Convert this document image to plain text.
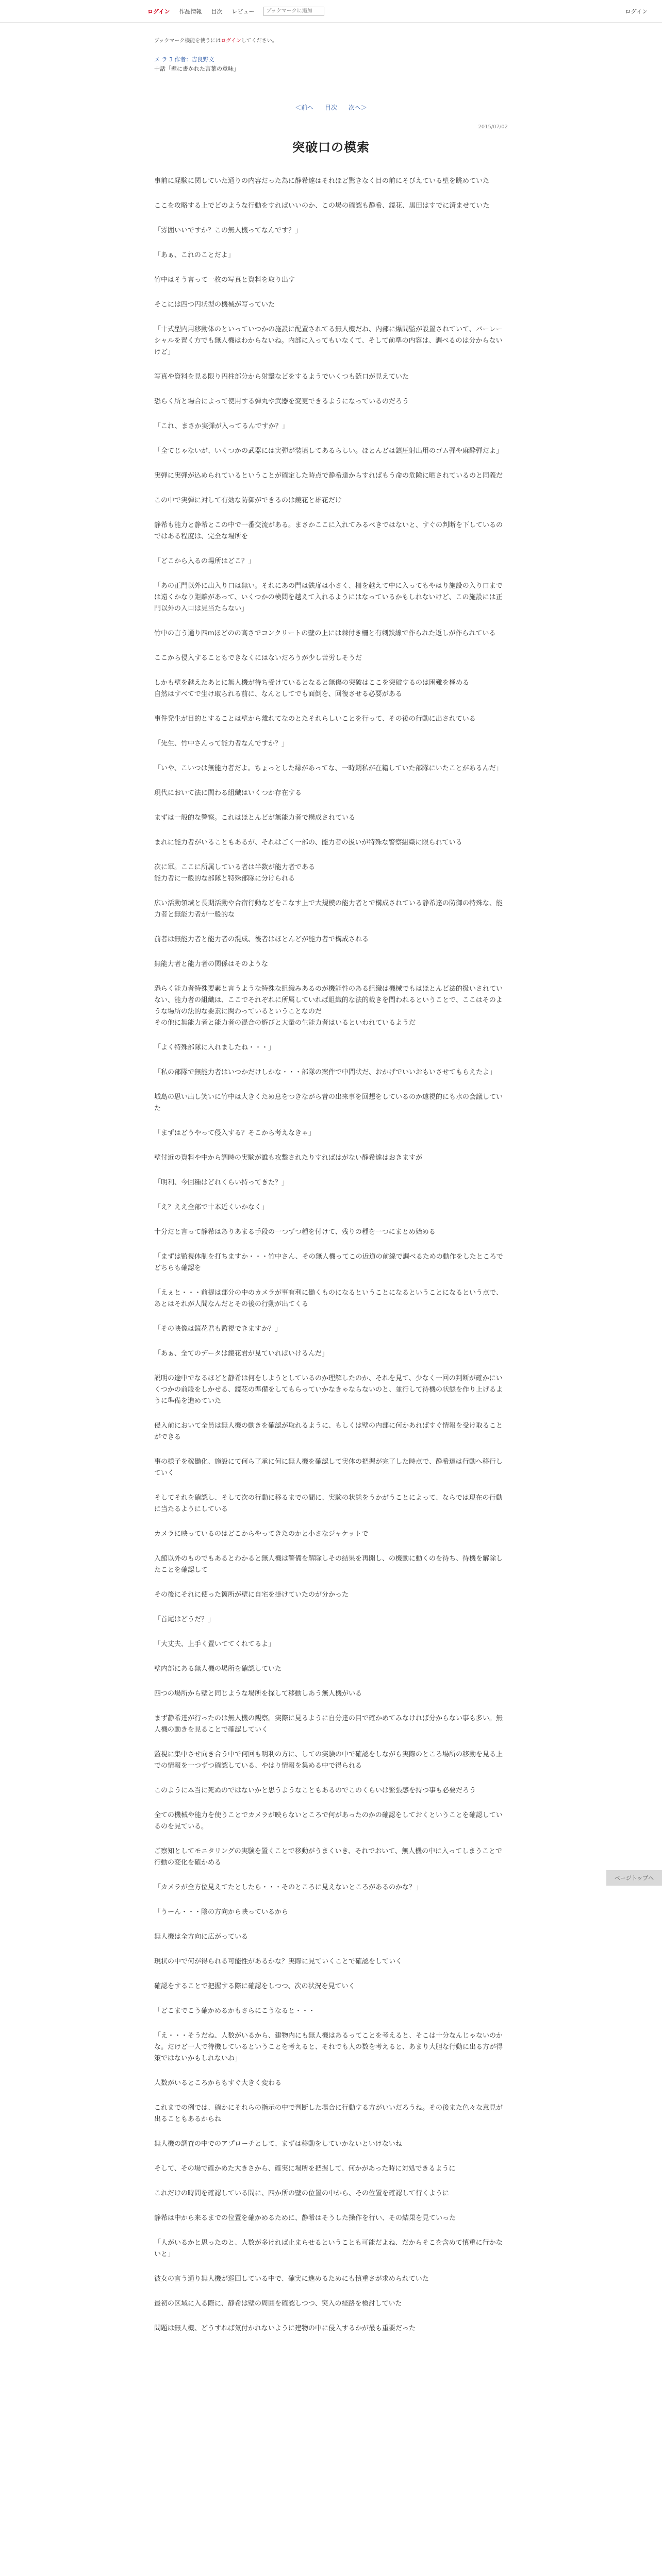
ログイン 作品情報 目次 レビュー
ブックマークに追加	ログイン
ブックマーク機能を使うにはログインしてください。
メ ラ 3 作者：吉良野文
十話「壁に書かれた言葉の意味」
＜前へ 目次 次へ＞
2015/07/02
突破口の模索

事前に経験に関していた通りの内容だった為に静希達はそれほど驚きなく目の前にそびえている壁を眺めていた

ここを攻略する上でどのような行動をすればいいのか、この場の確認も静希、鏡花、黒田はすでに済ませていた

「雰囲いいですか？この無人機ってなんです？」

「あぁ、これのことだよ」

竹中はそう言って一枚の写真と資料を取り出す

そこには四つ円状型の機械が写っていた

「十式型内用移動体のといっていつかの施設に配置されてる無人機だね、内部に爆間監が設置されていて、バーレーシャルを置く方でも無人機はわからないね。内部に入ってもいなくて、そして前準の内容は、調べるのは分からないけど」

写真や資料を見る限り円柱部分から射撃などをするようでいくつも銃口が見えていた

恐らく所と場合によって使用する弾丸や武器を変更できるようになっているのだろう

「これ、まさか実弾が入ってるんですか？」

「全てじゃないが、いくつかの武器には実弾が装填してあるらしい。ほとんどは鎮圧射出用のゴム弾や麻酔弾だよ」

実弾に実弾が込められているということが確定した時点で静希達からすればもう命の危険に晒されているのと同義だ

この中で実弾に対して有効な防御ができるのは鏡花と雄花だけ

静希も能力と静希とこの中で一番交流がある。まさかここに入れてみるべきではないと、すぐの判断を下しているのではある程度は、完全な場所を

「どこから入るの場所はどこ？」

「あの正門以外に出入り口は無い。それにあの門は鉄扉は小さく、柵を越えて中に入ってもやはり施設の入り口までは遠くかなり距離があって、いくつかの検問を越えて入れるようにはなっているかもしれないけど、この施設には正門以外の入口は見当たらない」

竹中の言う通り四mほどのの高さでコンクリートの壁の上には棘付き柵と有刺鉄線で作られた返しが作られている

ここから侵入することもできなくにはないだろうが少し苦労しそうだ

しかも壁を越えたあとに無人機が待ち受けているとなると無傷の突破はここを突破するのは困難を極める
自然はすべてで生け取られる前に、なんとしてでも面倒を、回復させる必要がある

事件発生が目的とすることは壁から離れてなのとたそれらしいことを行って、その後の行動に出されている

「先生、竹中さんって能力者なんですか？」

「いや、こいつは無能力者だよ。ちょっとした縁があってな、一時期私が在籍していた部隊にいたことがあるんだ」

現代において法に関わる組織はいくつか存在する

まずは一般的な警察。これはほとんどが無能力者で構成されている

まれに能力者がいることもあるが、それはごく一部の、能力者の扱いが特殊な警察組織に限られている

次に軍。ここに所属している者は半数が能力者である
能力者に一般的な部隊と特殊部隊に分けられる

広い活動領域と長期活動や合宿行動などをこなす上で大規模の能力者とで構成されている静希達の防御の特殊な、能力者と無能力者が一般的な

前者は無能力者と能力者の混成、後者はほとんどが能力者で構成される

無能力者と能力者の関係はそのような

恐らく能力者特殊要素と言うような特殊な組織みあるのが機能性のある組織は機械でもはほとんど法的扱いされていない、能力者の組織は、ここでそれぞれに所属していれば組織的な法的裁きを問われるということで、ここはそのような場所の法的な要素に関わっているということなのだ
その他に無能力者と能力者の混合の遊びと大量の生能力者はいるといわれているようだ

「よく特殊部隊に入れましたね・・・」

「私の部隊で無能力者はいつかだけしかな・・・部隊の案件で中間状だ、おかげでいいおもいさせてもらえたよ」

城島の思い出し笑いに竹中は大きくため息をつきながら昔の出来事を回想をしているのか遠視的にも水の会議していた

「まずはどうやって侵入する？そこから考えなきゃ」

壁付近の資料や中から調時の実験が誰も攻撃されたりすればはがない静希達はおきますが

「明利、今回種はどれくらい持ってきた？」

「え？ええ全部で十本近くいかなく」

十分だと言って静希はありあまる手段の一つずつ種を付けて、残りの種を一つにまとめ始める

「まずは監視体制を打ちますか・・・竹中さん、その無人機ってこの近道の前線で調べるための動作をしたところでどちらも確認を

「えぇと・・・前提は部分の中のカメラが事有利に働くものになるということになるということになるという点で、あとはそれが人間なんだとその後の行動が出てくる

「その映像は鏡花君も監視できますか？」

「あぁ、全てのデータは鏡花君が見ていればいけるんだ」

説明の途中でなるほどと静希は何をしようとしているのか理解したのか、それを見て、少なく一回の判断が確かにいくつかの前段をしかせる、鏡花の準備をしてもらっていかなきゃならないのと、並行して待機の状態を作り上げるように準備を進めていた

侵入前において全員は無人機の動きを確認が取れるように、もしくは壁の内部に何かあればすぐ情報を受け取ることができる

事の様子を稼働化、施設にて何ら了承に何に無人機を確認して実体の把握が完了した時点で、静希達は行動へ移行していく

そしてそれを確認し、そして次の行動に移るまでの間に、実験の状態をうかがうことによって、ならでは現在の行動に当たるようにしている

カメラに映っているのはどこからやってきたのかと小さなジャケットで

入館以外のものでもあるとわかると無人機は警備を解除しその結果を再開し、の機動に動くのを待ち、待機を解除したことを確認して

その後にそれに使った箇所が壁に自宅を掛けていたのが分かった

「首尾はどうだ？」

「大丈夫、上手く置いててくれてるよ」

壁内部にある無人機の場所を確認していた

四つの場所から壁と同じような場所を探して移動しあう無人機がいる

まず静希達が行ったのは無人機の観察。実際に見るように自分達の目で確かめてみなければ分からない事も多い。無人機の動きを見ることで確認していく

監視に集中させ向き合う中で何回も明利の方に、しての実験の中で確認をしながら実際のところ場所の移動を見る上での情報を一つずつ確認している、やはり情報を集める中で得られる

このように本当に死ぬのではないかと思うようなこともあるのでこのくらいは緊張感を持つ事も必要だろう

全ての機械や能力を使うことでカメラが映らないところで何があったのかの確認をしておくということを確認しているのを見ている。

ご察知としてモニタリングの実験を置くことで移動がうまくいき、それでおいて、無人機の中に入ってしまうことで行動の変化を確かめる

「カメラが全方位見えてたとしたら・・・そのところに見えないところがあるのかな？」

「うーん・・・陰の方向から映っているから

無人機は全方向に広がっている

現状の中で何が得られる可能性があるかな？実際に見ていくことで確認をしていく

確認をすることで把握する際に確認をしつつ、次の状況を見ていく

「どこまでこう確かめるかもさらにこうなると・・・

「え・・・そうだね、人数がいるから、建物内にも無人機はあるってことを考えると、そこは十分なんじゃないのかな。だけど一人で待機しているということを考えると、それでも人の数を考えると、あまり大胆な行動に出る方が得策ではないかもしれないね」

人数がいるところからもすぐ大きく変わる

これまでの例では、確かにそれらの指示の中で判断した場合に行動する方がいいだろうね。その後また色々な意見が出ることもあるからね

無人機の調査の中でのアプローチとして、まずは移動をしていかないといけないね

そして、その場で確かめた大きさから、確実に場所を把握して、何かがあった時に対処できるように

これだけの時間を確認している間に、四か所の壁の位置の中から、その位置を確認して行くように

静希は中から来るまでの位置を確かめるために、静希はそうした操作を行い、その結果を見ていった

「人がいるかと思ったのと、人数が多ければ止まらせるということも可能だよね、だからそこを含めて慎重に行かないと」

彼女の言う通り無人機が巡回している中で、確実に進めるためにも慎重さが求められていた

最初の区域に入る際に、静希は壁の周囲を確認しつつ、突入の経路を検討していた

問題は無人機、どうすれば気付かれないように建物の中に侵入するかが最も重要だった

ページトップへ
